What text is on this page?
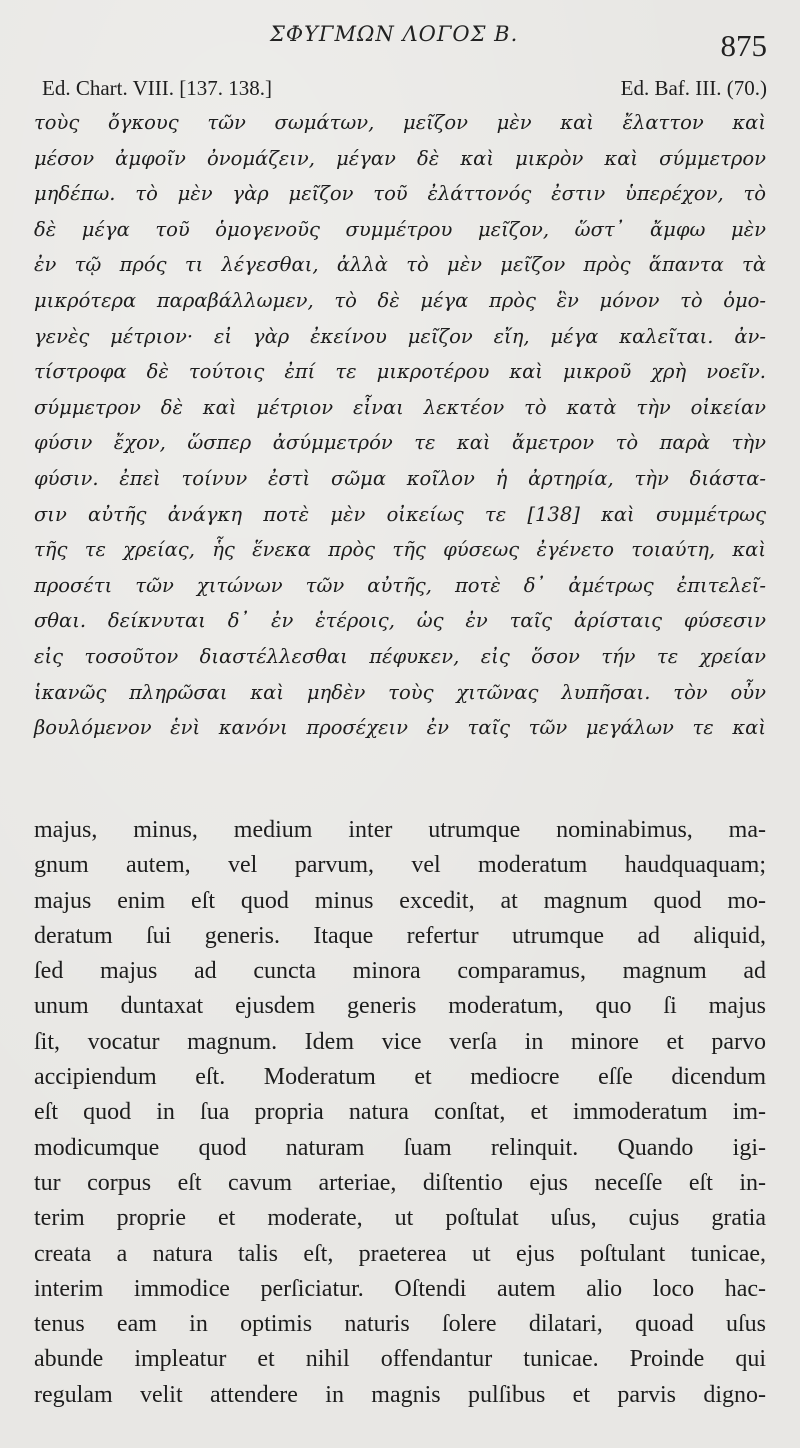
ΣΦΥΓΜΩΝ ΛΟΓΟΣ Β.	875
Ed. Chart. VIII. [137. 138.]	Ed. Baf. III. (70.)
τοὺς ὄγκους τῶν σωμάτων, μεῖζον μὲν καὶ ἔλαττον καὶ
μέσον ἀμφοῖν ὀνομάζειν, μέγαν δὲ καὶ μικρὸν καὶ σύμμετρον
μηδέπω. τὸ μὲν γὰρ μεῖζον τοῦ ἐλάττονός ἐστιν ὑπερέχον, τὸ
δὲ μέγα τοῦ ὁμογενοῦς συμμέτρου μεῖζον, ὥστ᾽ ἄμφω μὲν
ἐν τῷ πρός τι λέγεσθαι, ἀλλὰ τὸ μὲν μεῖζον πρὸς ἅπαντα τὰ
μικρότερα παραβάλλωμεν, τὸ δὲ μέγα πρὸς ἓν μόνον τὸ ὁμο-
γενὲς μέτριον· εἰ γὰρ ἐκείνου μεῖζον εἴη, μέγα καλεῖται. ἀν-
τίστροφα δὲ τούτοις ἐπί τε μικροτέρου καὶ μικροῦ χρὴ νοεῖν.
σύμμετρον δὲ καὶ μέτριον εἶναι λεκτέον τὸ κατὰ τὴν οἰκείαν
φύσιν ἔχον, ὥσπερ ἀσύμμετρόν τε καὶ ἄμετρον τὸ παρὰ τὴν
φύσιν. ἐπεὶ τοίνυν ἐστὶ σῶμα κοῖλον ἡ ἀρτηρία, τὴν διάστα-
σιν αὐτῆς ἀνάγκη ποτὲ μὲν οἰκείως τε [138] καὶ συμμέτρως
τῆς τε χρείας, ἧς ἕνεκα πρὸς τῆς φύσεως ἐγένετο τοιαύτη, καὶ
προσέτι τῶν χιτώνων τῶν αὐτῆς, ποτὲ δ᾽ ἀμέτρως ἐπιτελεῖ-
σθαι. δείκνυται δ᾽ ἐν ἑτέροις, ὡς ἐν ταῖς ἀρίσταις φύσεσιν
εἰς τοσοῦτον διαστέλλεσθαι πέφυκεν, εἰς ὅσον τήν τε χρείαν
ἱκανῶς πληρῶσαι καὶ μηδὲν τοὺς χιτῶνας λυπῆσαι. τὸν οὖν
βουλόμενον ἑνὶ κανόνι προσέχειν ἐν ταῖς τῶν μεγάλων τε καὶ
majus, minus, medium inter utrumque nominabimus, ma-
gnum autem, vel parvum, vel moderatum haudquaquam;
majus enim eſt quod minus excedit, at magnum quod mo-
deratum ſui generis. Itaque refertur utrumque ad aliquid,
ſed majus ad cuncta minora comparamus, magnum ad
unum duntaxat ejusdem generis moderatum, quo ſi majus
ſit, vocatur magnum. Idem vice verſa in minore et parvo
accipiendum eſt. Moderatum et mediocre eſſe dicendum
eſt quod in ſua propria natura conſtat, et immoderatum im-
modicumque quod naturam ſuam relinquit. Quando igi-
tur corpus eſt cavum arteriae, diſtentio ejus neceſſe eſt in-
terim proprie et moderate, ut poſtulat uſus, cujus gratia
creata a natura talis eſt, praeterea ut ejus poſtulant tunicae,
interim immodice perſiciatur. Oſtendi autem alio loco hac-
tenus eam in optimis naturis ſolere dilatari, quoad uſus
abunde impleatur et nihil offendantur tunicae. Proinde qui
regulam velit attendere in magnis pulſibus et parvis digno-
